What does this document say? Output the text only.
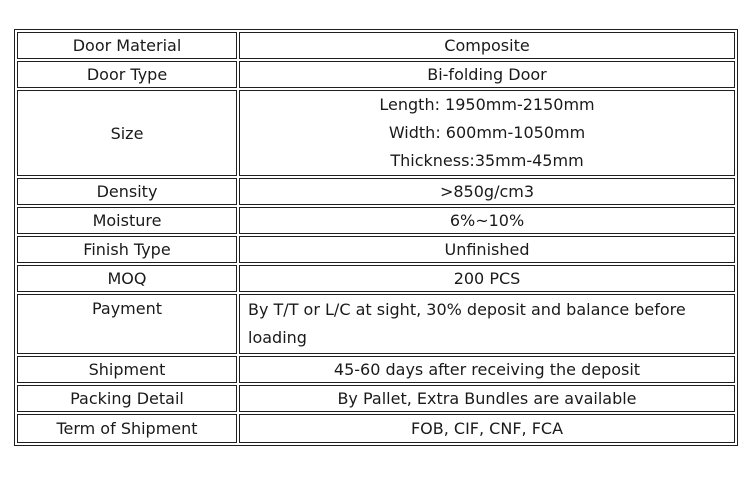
Door Material	Composite
Door Type	Bi-folding Door
Size	Length: 1950mm-2150mm
Width: 600mm-1050mm
Thickness:35mm-45mm

Density	>850g/cm3
Moisture	6%~10%
Finish Type	Unfinished
MOQ	200 PCS

Payment	By T/T or L/C at sight, 30% deposit and balance before
loading

Shipment	45-60 days after receiving the deposit
Packing Detail	By Pallet, Extra Bundles are available
Term of Shipment	FOB, CIF, CNF, FCA
